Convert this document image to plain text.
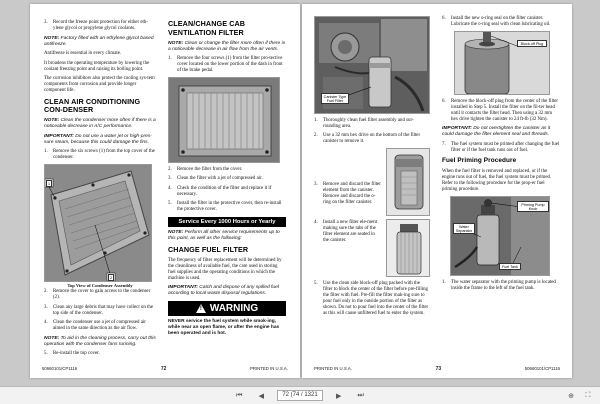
3.	Record the freeze point protection for either eth-ylene glycol or propylene glycol coolants.

NOTE: Factory filled with an ethylene glycol based antifreeze.

Antifreeze is essential in every climate.

It broadens the operating temperature by lowering the coolant freezing point and raising its boiling point.

The corrosion inhibitors also protect the cooling sys-tem components from corrosion and provide longer component life.

CLEAN AIR CONDITIONING CON-DENSER

NOTE: Clean the condenser more often if there is a noticeable decrease in A/C performance.

IMPORTANT: Do not use a water jet or high-pres-sure steam, because this could damage the fins.

1.	Remove the six screws (1) from the top cover of the condenser.

1
2

Top View of Condenser Assembly

2.	Remove the cover to gain access to the condenser (2).

3.	Clean any large debris that may have collect on the top side of the condenser.

4.	Clean the condenser use a jet of compressed air aimed in the same direction as the air flow.

NOTE: To aid in the cleaning process, carry out this operation with the condenser fans running.

5.	Re-install the top cover.

CLEAN/CHANGE CAB VENTILATION FILTER

NOTE: Clean or change the filter more often if there is a noticeable decrease in air flow from the air vents.

1.	Remove the four screws (1) from the filter pro-tective cover located on the lower portion of the dash in front of the brake pedal.

2.	Remove the filter from the cover.

3.	Clean the filter with a jet of compressed air.

4.	Check the condition of the filter and replace it if necessary.

5.	Install the filter in the protective cover, then re-install the protective cover.

Service Every 1000 Hours or Yearly

NOTE: Perform all other service requirements up to this point, as well as the following:

CHANGE FUEL FILTER

The frequency of filter replacement will be determined by the cleanliness of available fuel, the care used in storing fuel supplies and the operating conditions in which the machine is used.

IMPORTANT: Catch and dispose of any spilled fuel according to local waste disposal regulations.

! WARNING

NEVER service the fuel system while smok-ing, while near an open flame, or after the engine has been operated and is hot.

50660101/CP1116	72	PRINTED IN U.S.A.
Canister Type Fuel Filter
1.	Thoroughly clean fuel filter assembly and sur-rounding area.

2.	Use a 32 mm hex drive on the bottom of the filter canister to remove it.

3.	Remove and discard the filter element from the canister. Remove and discard the o-ring on the filter canister.

4.	Install a new filter ele-ment making sure the tabs of the filter element are seated in the canister.

5.	Use the clean side block-off plug packed with the filter to block the center of the filter before pre-filling the filter with fuel. Pre-fill the filter mak-ing sure to pour fuel only in the outside portion of the filter as shown. Do not to pour fuel into the center of the filter as this will cause unfiltered fuel to enter the system.

6.	Install the new o-ring seal on the filter canister. Lubricate the o-ring seal with clean lubricating oil.

Block-off Plug
6.	Remove the block-off plug from the center of the filter installed in Step 5. Install the filter on the fil-ter head until it contacts the filter head. Then using a 32 mm hex drive tighten the canister to 24 ft-lb (32 Nm).

IMPORTANT: Do not overtighten the canister as it could damage the filter element seal and threads.

7.	The fuel system must be primed after changing the fuel filter or if the fuel tank runs out of fuel.

Fuel Priming Procedure

When the fuel filter is removed and replaced, or if the engine runs out of fuel, the fuel system must be primed. Refer to the following procedure for the prop-er fuel priming procedure.

Priming Pump Knob
Water Separator
Fuel Tank
1.	The water separator with the priming pump is located inside the frame to the left of the fuel tank.

PRINTED IN U.S.A.	73	50660101/CP1116
⏮	◀	72 (74 / 1321	▶	⏭	⊕	⛶
